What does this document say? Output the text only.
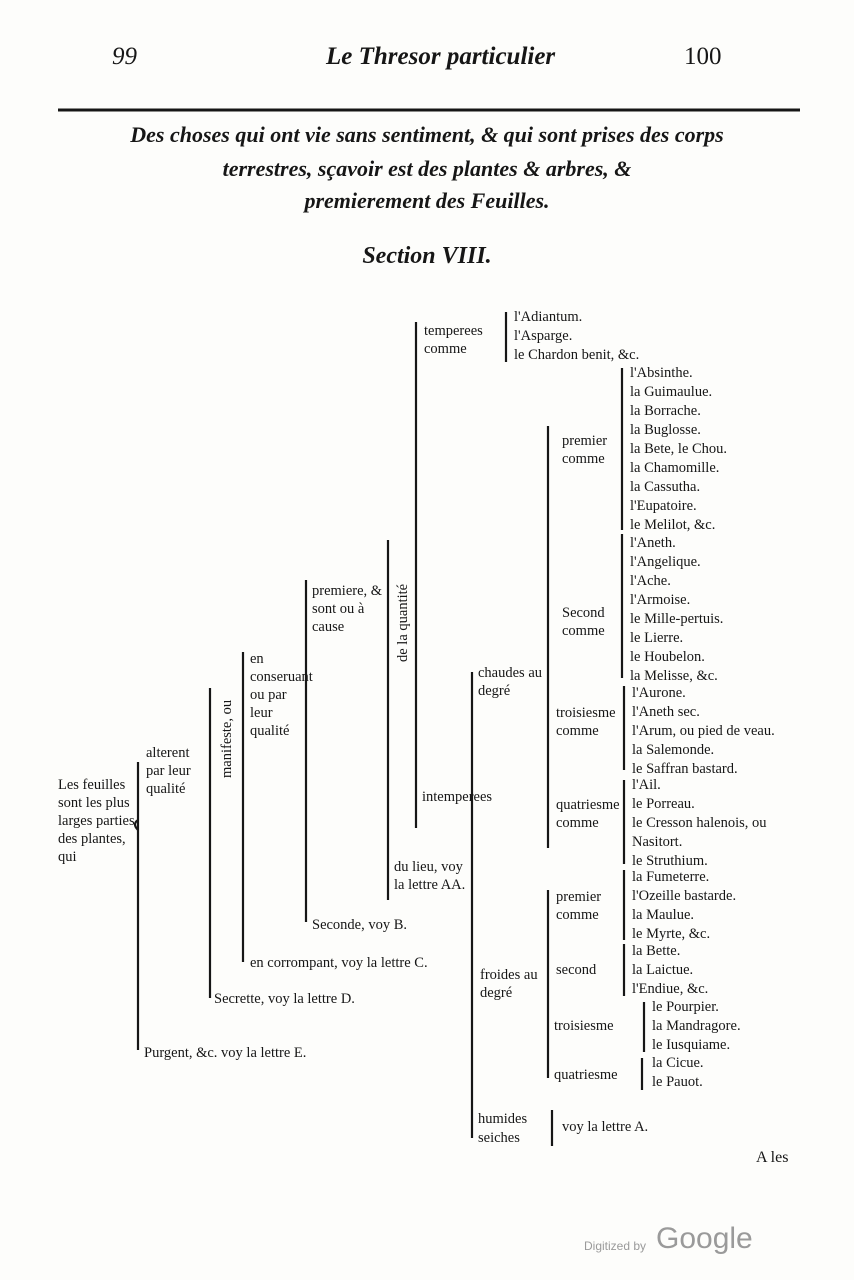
99	Le Thresor particulier	100
Des choses qui ont vie sans sentiment, & qui sont prises des corps
terrestres, sçavoir est des plantes & arbres, &
premierement des Feuilles.
Section VIII.
Les feuilles sont les plus larges parties des plantes, qui
alterent par leur qualité
manifeste, ou
en conseruant ou par leur qualité
premiere, & sont ou à cause	de la quantité
temperees comme
l'Adiantum.
l'Asparge.
le Chardon benit, &c.
intemperees
chaudes au degré
premier comme
l'Absinthe.
la Guimaulue.
la Borrache.
la Buglosse.
la Bete, le Chou.
la Chamomille.
la Cassutha.
l'Eupatoire.
le Melilot, &c.
Second comme
l'Aneth.
l'Angelique.
l'Ache.
l'Armoise.
le Mille-pertuis.
le Lierre.
le Houbelon.
la Melisse, &c.
troisiesme comme
l'Aurone.
l'Aneth sec.
l'Arum, ou pied de veau.
la Salemonde.
le Saffran bastard.
quatriesme comme
l'Ail.
le Porreau.
le Cresson halenois, ou
Nasitort.
le Struthium.
froides au degré
premier comme
la Fumeterre.
l'Ozeille bastarde.
la Maulue.
le Myrte, &c.
second
la Bette.
la Laictue.
l'Endiue, &c.
troisiesme
le Pourpier.
la Mandragore.
le Iusquiame.
quatriesme
la Cicue.
le Pauot.
humides
seiches
voy la lettre A.
du lieu, voy la lettre AA.
Seconde, voy B.
en corrompant, voy la lettre C.
Secrette, voy la lettre D.
Purgent, &c. voy la lettre E.
A les
Digitized by Google
